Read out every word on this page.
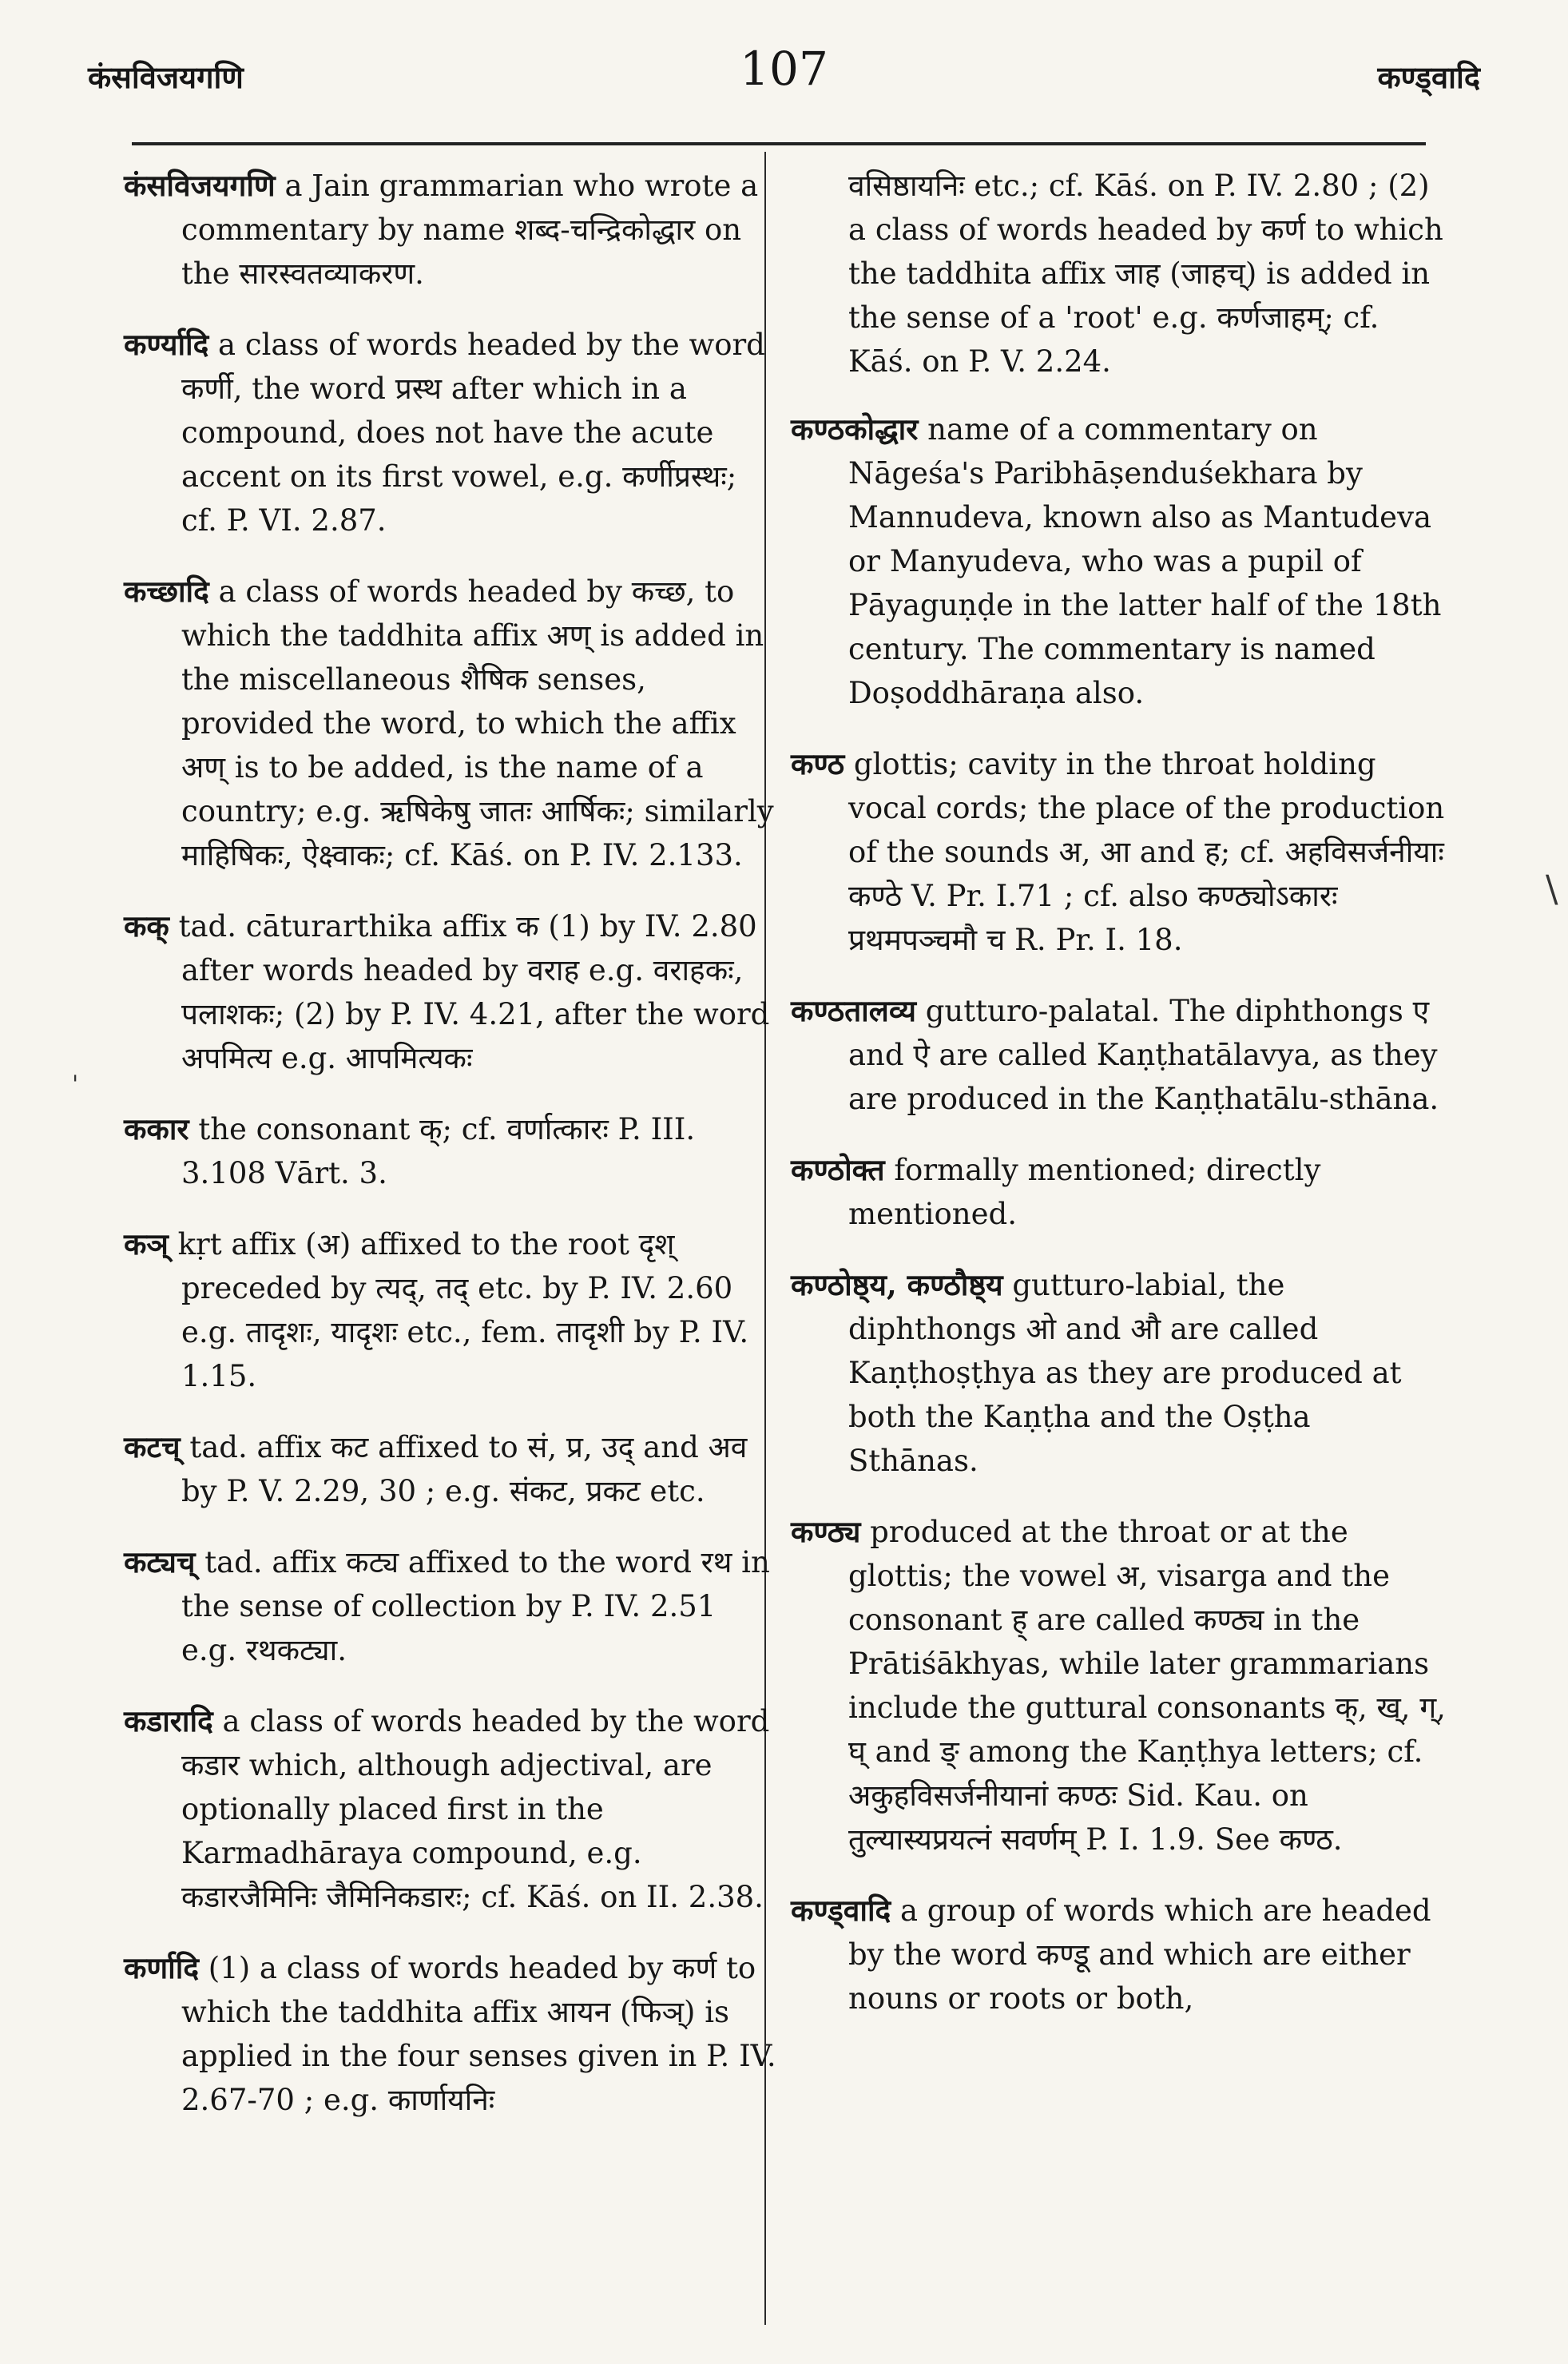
कंसविजयगणि	107	कण्ड्वादि

कंसविजयगणि a Jain grammarian who wrote a commentary by name शब्द-चन्द्रिकोद्धार on the सारस्वतव्याकरण.

कर्ण्यादि a class of words headed by the word कर्णी, the word प्रस्थ after which in a compound, does not have the acute accent on its first vowel, e.g. कर्णीप्रस्थः; cf. P. VI. 2.87.

कच्छादि a class of words headed by कच्छ, to which the taddhita affix अण् is added in the miscellaneous शैषिक senses, provided the word, to which the affix अण् is to be added, is the name of a country; e.g. ऋषिकेषु जातः आर्षिकः; similarly माहिषिकः, ऐक्ष्वाकः; cf. Kāś. on P. IV. 2.133.

कक् tad. cāturarthika affix क (1) by IV. 2.80 after words headed by वराह e.g. वराहकः, पलाशकः; (2) by P. IV. 4.21, after the word अपमित्य e.g. आपमित्यकः

ककार the consonant क्; cf. वर्णात्कारः P. III. 3.108 Vārt. 3.

कञ् kṛt affix (अ) affixed to the root दृश् preceded by त्यद्, तद् etc. by P. IV. 2.60 e.g. तादृशः, यादृशः etc., fem. तादृशी by P. IV. 1.15.

कटच् tad. affix कट affixed to सं, प्र, उद् and अव by P. V. 2.29, 30 ; e.g. संकट, प्रकट etc.

कट्यच् tad. affix कट्य affixed to the word रथ in the sense of collection by P. IV. 2.51 e.g. रथकट्या.

कडारादि a class of words headed by the word कडार which, although adjectival, are optionally placed first in the Karmadhāraya compound, e.g. कडारजैमिनिः जैमिनिकडारः; cf. Kāś. on II. 2.38.

कर्णादि (1) a class of words headed by कर्ण to which the taddhita affix आयन (फिञ्) is applied in the four senses given in P. IV. 2.67-70 ; e.g. कार्णायनिः

वसिष्ठायनिः etc.; cf. Kāś. on P. IV. 2.80 ; (2) a class of words headed by कर्ण to which the taddhita affix जाह (जाहच्) is added in the sense of a 'root' e.g. कर्णजाहम्; cf. Kāś. on P. V. 2.24.

कण्ठकोद्धार name of a commentary on Nāgeśa's Paribhāṣenduśekhara by Mannudeva, known also as Mantudeva or Manyudeva, who was a pupil of Pāyaguṇḍe in the latter half of the 18th century. The commentary is named Doṣoddhāraṇa also.

कण्ठ glottis; cavity in the throat holding vocal cords; the place of the production of the sounds अ, आ and ह; cf. अहविसर्जनीयाः कण्ठे V. Pr. I.71 ; cf. also कण्ठ्योऽकारः प्रथमपञ्चमौ च R. Pr. I. 18.

कण्ठतालव्य gutturo-palatal. The diphthongs ए and ऐ are called Kaṇṭhatālavya, as they are produced in the Kaṇṭhatālu-sthāna.

कण्ठोक्त formally mentioned; directly mentioned.

कण्ठोष्ठ्य, कण्ठौष्ठ्य gutturo-labial, the diphthongs ओ and औ are called Kaṇṭhoṣṭhya as they are produced at both the Kaṇṭha and the Oṣṭha Sthānas.

कण्ठ्य produced at the throat or at the glottis; the vowel अ, visarga and the consonant ह् are called कण्ठ्य in the Prātiśākhyas, while later grammarians include the guttural consonants क्, ख्, ग्, घ् and ङ् among the Kaṇṭhya letters; cf. अकुहविसर्जनीयानां कण्ठः Sid. Kau. on तुल्यास्यप्रयत्नं सवर्णम् P. I. 1.9. See कण्ठ.

कण्ड्वादि a group of words which are headed by the word कण्डू and which are either nouns or roots or both,

\
'
